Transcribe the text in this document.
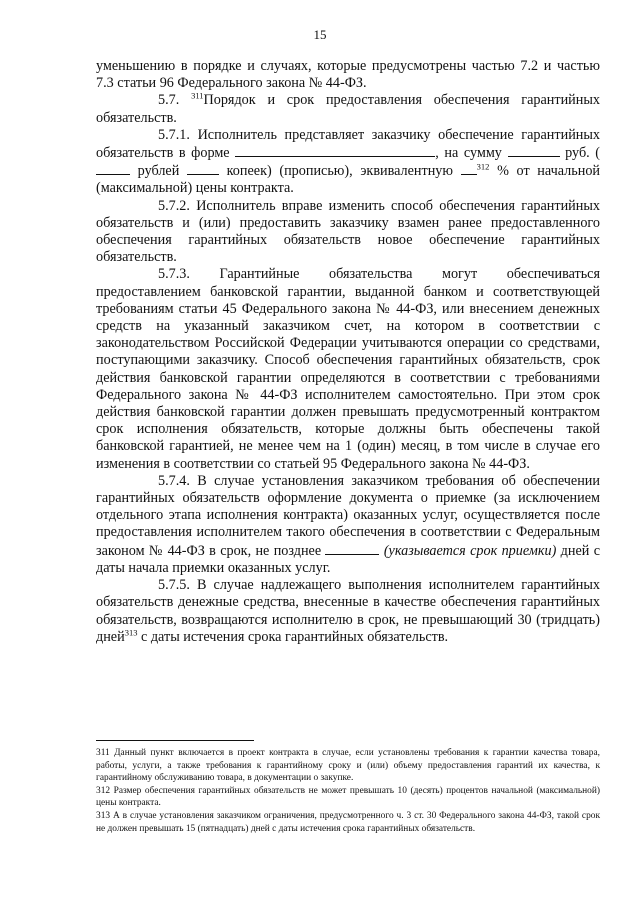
15

уменьшению в порядке и случаях, которые предусмотрены частью 7.2 и частью 7.3 статьи 96 Федерального закона № 44-ФЗ.

5.7. $^{311}$Порядок и срок предоставления обеспечения гарантийных обязательств.

5.7.1. Исполнитель представляет заказчику обеспечение гарантийных обязательств в форме	, на сумму	руб. ( рублей	копеек) (прописью), эквивалентную	$^{312}$ % от начальной (максимальной) цены контракта.

5.7.2. Исполнитель вправе изменить способ обеспечения гарантийных обязательств и (или) предоставить заказчику взамен ранее предоставленного обеспечения гарантийных обязательств новое обеспечение гарантийных обязательств.

5.7.3. Гарантийные обязательства могут обеспечиваться предоставлением банковской гарантии, выданной банком и соответствующей требованиям статьи 45 Федерального закона № 44-ФЗ, или внесением денежных средств на указанный заказчиком счет, на котором в соответствии с законодательством Российской Федерации учитываются операции со средствами, поступающими заказчику. Способ обеспечения гарантийных обязательств, срок действия банковской гарантии определяются в соответствии с требованиями Федерального закона № 44-ФЗ исполнителем самостоятельно. При этом срок действия банковской гарантии должен превышать предусмотренный контрактом срок исполнения обязательств, которые должны быть обеспечены такой банковской гарантией, не менее чем на 1 (один) месяц, в том числе в случае его изменения в соответствии со статьей 95 Федерального закона № 44-ФЗ.

5.7.4. В случае установления заказчиком требования об обеспечении гарантийных обязательств оформление документа о приемке (за исключением отдельного этапа исполнения контракта) оказанных услуг, осуществляется после предоставления исполнителем такого обеспечения в соответствии с Федеральным законом № 44-ФЗ в срок, не позднее	(указывается срок приемки) дней с даты начала приемки оказанных услуг.

5.7.5. В случае надлежащего выполнения исполнителем гарантийных обязательств денежные средства, внесенные в качестве обеспечения гарантийных обязательств, возвращаются исполнителю в срок, не превышающий 30 (тридцать) дней$^{313}$ с даты истечения срока гарантийных обязательств.

311 Данный пункт включается в проект контракта в случае, если установлены требования к гарантии качества товара, работы, услуги, а также требования к гарантийному сроку и (или) объему предоставления гарантий их качества, к гарантийному обслуживанию товара, в документации о закупке.

312 Размер обеспечения гарантийных обязательств не может превышать 10 (десять) процентов начальной (максимальной) цены контракта.

313 А в случае установления заказчиком ограничения, предусмотренного ч. 3 ст. 30 Федерального закона 44-ФЗ, такой срок не должен превышать 15 (пятнадцать) дней с даты истечения срока гарантийных обязательств.
